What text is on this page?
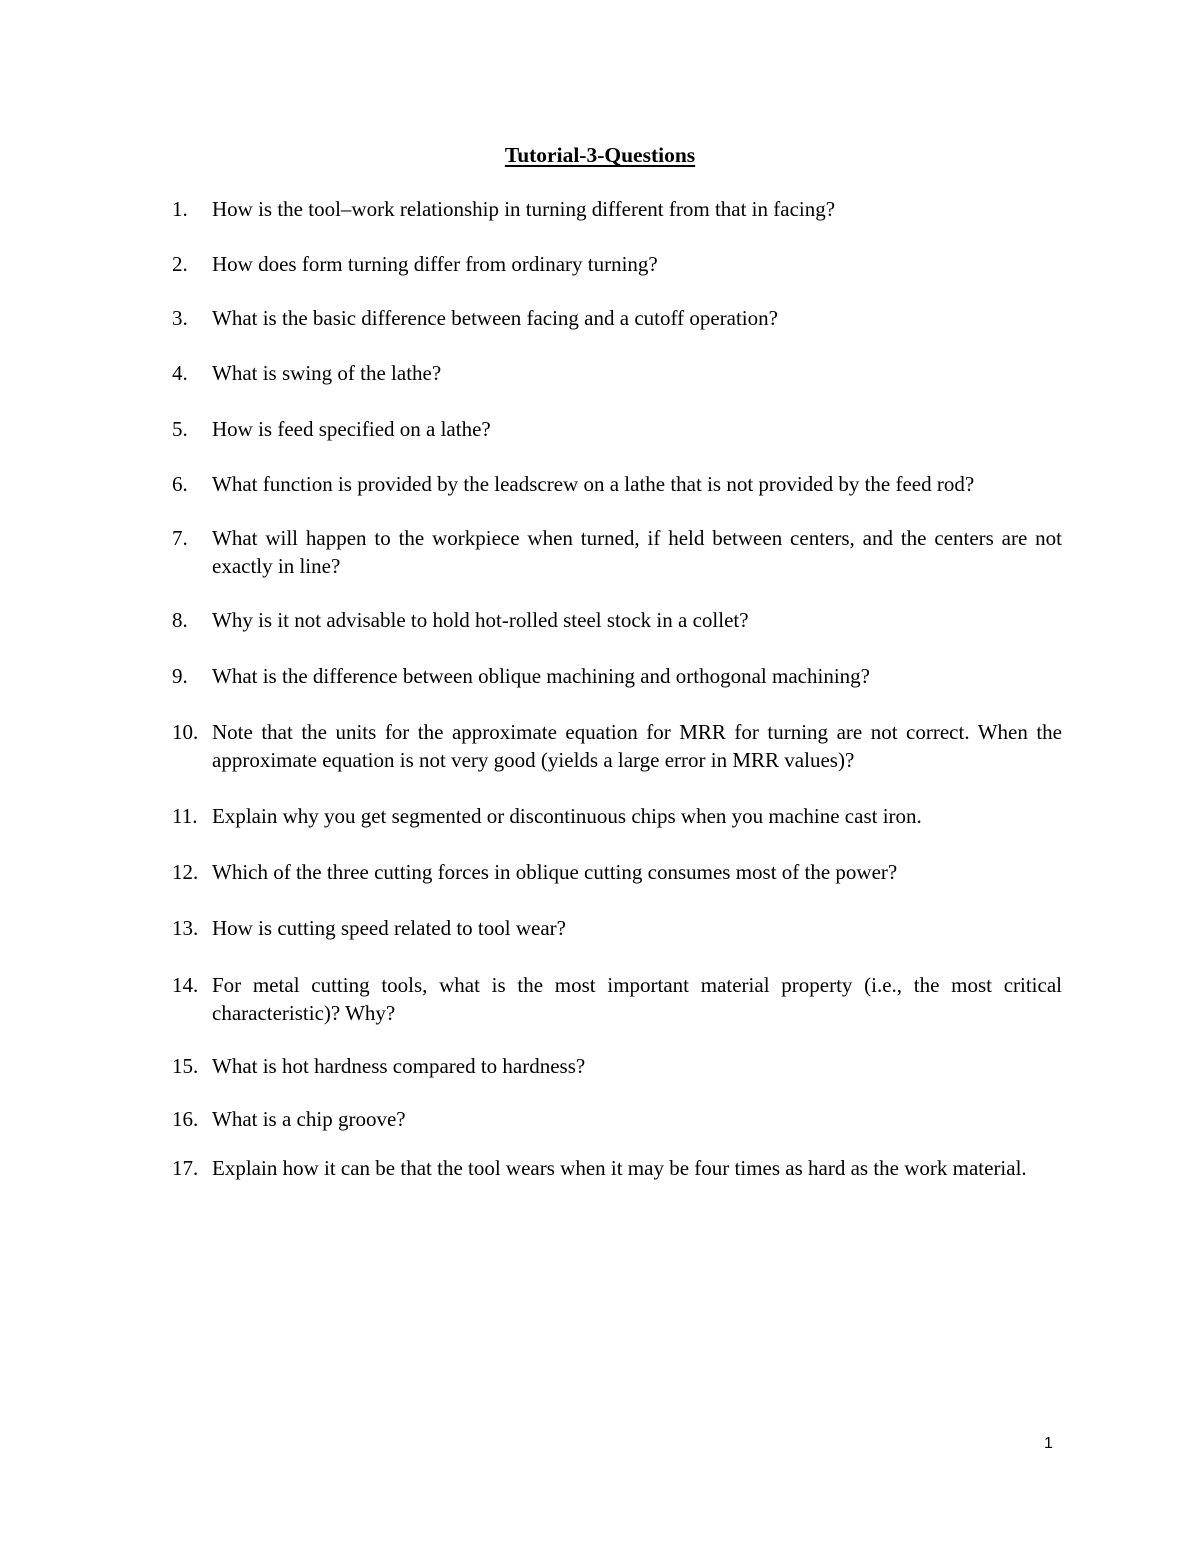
Tutorial-3-Questions
1.	How is the tool–work relationship in turning different from that in facing?
2.	How does form turning differ from ordinary turning?
3.	What is the basic difference between facing and a cutoff operation?
4.	What is swing of the lathe?
5.	How is feed specified on a lathe?
6.	What function is provided by the leadscrew on a lathe that is not provided by the feed rod?
7.	What will happen to the workpiece when turned, if held between centers, and the centers are not exactly in line?
8.	Why is it not advisable to hold hot-rolled steel stock in a collet?
9.	What is the difference between oblique machining and orthogonal machining?
10. Note that the units for the approximate equation for MRR for turning are not correct. When the approximate equation is not very good (yields a large error in MRR values)?
11. Explain why you get segmented or discontinuous chips when you machine cast iron.
12. Which of the three cutting forces in oblique cutting consumes most of the power?
13. How is cutting speed related to tool wear?
14. For metal cutting tools, what is the most important material property (i.e., the most critical characteristic)? Why?
15. What is hot hardness compared to hardness?
16. What is a chip groove?
17. Explain how it can be that the tool wears when it may be four times as hard as the work material.
1
